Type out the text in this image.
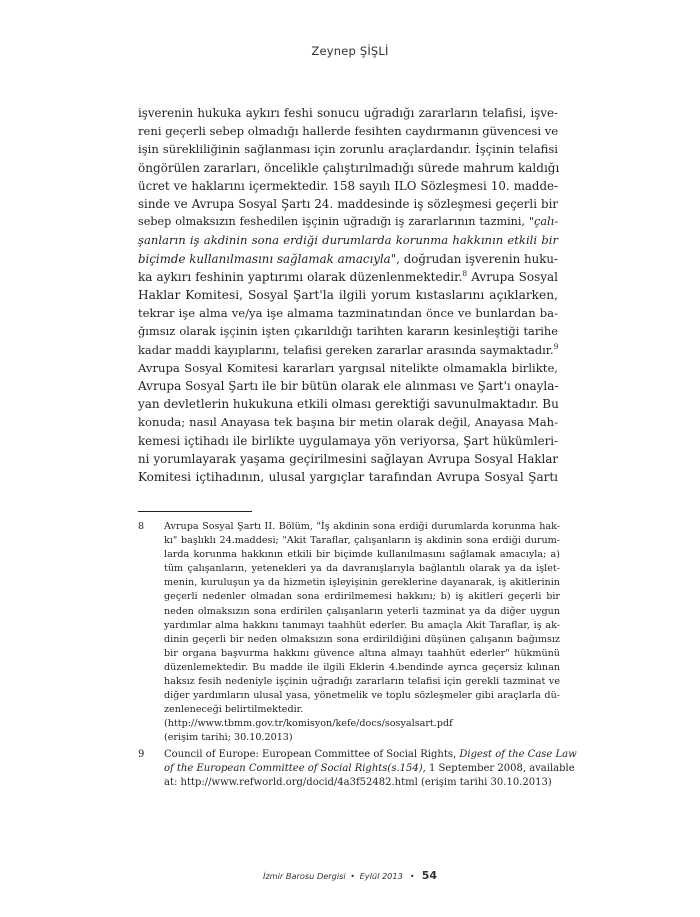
Zeynep ŞİŞLİ
işverenin hukuka aykırı feshi sonucu uğradığı zararların telafisi, işve-
reni geçerli sebep olmadığı hallerde fesihten caydırmanın güvencesi ve
işin sürekliliğinin sağlanması için zorunlu araçlardandır. İşçinin telafisi
öngörülen zararları, öncelikle çalıştırılmadığı sürede mahrum kaldığı
ücret ve haklarını içermektedir. 158 sayılı ILO Sözleşmesi 10. madde-
sinde ve Avrupa Sosyal Şartı 24. maddesinde iş sözleşmesi geçerli bir
sebep olmaksızın feshedilen işçinin uğradığı iş zararlarının tazmini, "çalı-
şanların iş akdinin sona erdiği durumlarda korunma hakkının etkili bir
biçimde kullanılmasını sağlamak amacıyla", doğrudan işverenin huku-
ka aykırı feshinin yaptırımı olarak düzenlenmektedir.$^8$ Avrupa Sosyal
Haklar Komitesi, Sosyal Şart'la ilgili yorum kıstaslarını açıklarken,
tekrar işe alma ve/ya işe almama tazminatından önce ve bunlardan ba-
ğımsız olarak işçinin işten çıkarıldığı tarihten kararın kesinleştiği tarihe
kadar maddi kayıplarını, telafisi gereken zararlar arasında saymaktadır.$^9$
Avrupa Sosyal Komitesi kararları yargısal nitelikte olmamakla birlikte,
Avrupa Sosyal Şartı ile bir bütün olarak ele alınması ve Şart'ı onayla-
yan devletlerin hukukuna etkili olması gerektiği savunulmaktadır. Bu
konuda; nasıl Anayasa tek başına bir metin olarak değil, Anayasa Mah-
kemesi içtihadı ile birlikte uygulamaya yön veriyorsa, Şart hükümleri-
ni yorumlayarak yaşama geçirilmesini sağlayan Avrupa Sosyal Haklar
Komitesi içtihadının, ulusal yargıçlar tarafından Avrupa Sosyal Şartı
8 Avrupa Sosyal Şartı II. Bölüm, "İş akdinin sona erdiği durumlarda korunma hak-
kı" başlıklı 24.maddesi; "Akit Taraflar, çalışanların iş akdinin sona erdiği durum-
larda korunma hakkının etkili bir biçimde kullanılmasını sağlamak amacıyla; a)
tüm çalışanların, yetenekleri ya da davranışlarıyla bağlantılı olarak ya da işlet-
menin, kuruluşun ya da hizmetin işleyişinin gereklerine dayanarak, iş akitlerinin
geçerli nedenler olmadan sona erdirilmemesi hakkını; b) iş akitleri geçerli bir
neden olmaksızın sona erdirilen çalışanların yeterli tazminat ya da diğer uygun
yardımlar alma hakkını tanımayı taahhüt ederler. Bu amaçla Akit Taraflar, iş ak-
dinin geçerli bir neden olmaksızın sona erdirildiğini düşünen çalışanın bağımsız
bir organa başvurma hakkını güvence altına almayı taahhüt ederler" hükmünü
düzenlemektedir. Bu madde ile ilgili Eklerin 4.bendinde ayrıca geçersiz kılınan
haksız fesih nedeniyle işçinin uğradığı zararların telafisi için gerekli tazminat ve
diğer yardımların ulusal yasa, yönetmelik ve toplu sözleşmeler gibi araçlarla dü-
zenleneceği belirtilmektedir.
(http://www.tbmm.gov.tr/komisyon/kefe/docs/sosyalsart.pdf
(erişim tarihi; 30.10.2013)
9 Council of Europe: European Committee of Social Rights, Digest of the Case Law
of the European Committee of Social Rights(s.154), 1 September 2008, available
at: http://www.refworld.org/docid/4a3f52482.html (erişim tarihi 30.10.2013)
İzmir Barosu Dergisi • Eylül 2013 • 54
